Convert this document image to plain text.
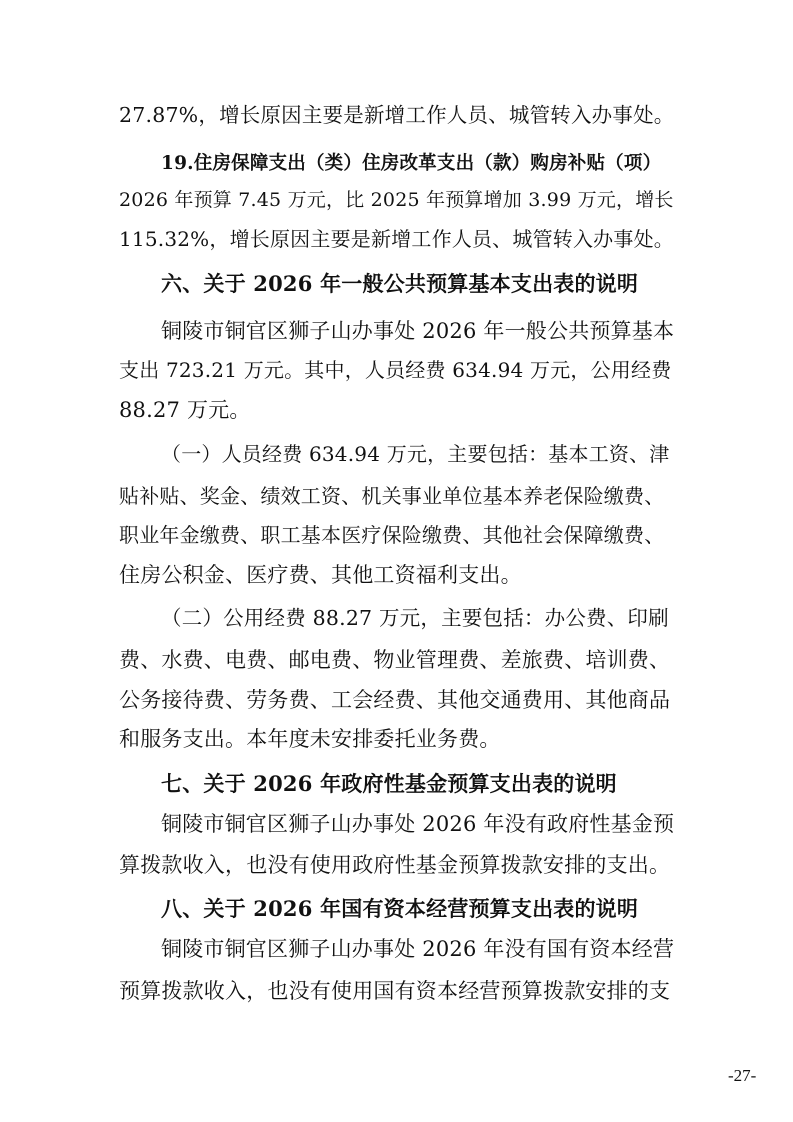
27.87%，增长原因主要是新增工作人员、城管转入办事处。
19.住房保障支出（类）住房改革支出（款）购房补贴（项）
2026 年预算 7.45 万元，比 2025 年预算增加 3.99 万元，增长
115.32%，增长原因主要是新增工作人员、城管转入办事处。
六、关于 2026 年一般公共预算基本支出表的说明
铜陵市铜官区狮子山办事处 2026 年一般公共预算基本
支出 723.21 万元。其中，人员经费 634.94 万元，公用经费
88.27 万元。
（一）人员经费 634.94 万元，主要包括：基本工资、津
贴补贴、奖金、绩效工资、机关事业单位基本养老保险缴费、
职业年金缴费、职工基本医疗保险缴费、其他社会保障缴费、
住房公积金、医疗费、其他工资福利支出。
（二）公用经费 88.27 万元，主要包括：办公费、印刷
费、水费、电费、邮电费、物业管理费、差旅费、培训费、
公务接待费、劳务费、工会经费、其他交通费用、其他商品
和服务支出。本年度未安排委托业务费。
七、关于 2026 年政府性基金预算支出表的说明
铜陵市铜官区狮子山办事处 2026 年没有政府性基金预
算拨款收入，也没有使用政府性基金预算拨款安排的支出。
八、关于 2026 年国有资本经营预算支出表的说明
铜陵市铜官区狮子山办事处 2026 年没有国有资本经营
预算拨款收入，也没有使用国有资本经营预算拨款安排的支
-27-
